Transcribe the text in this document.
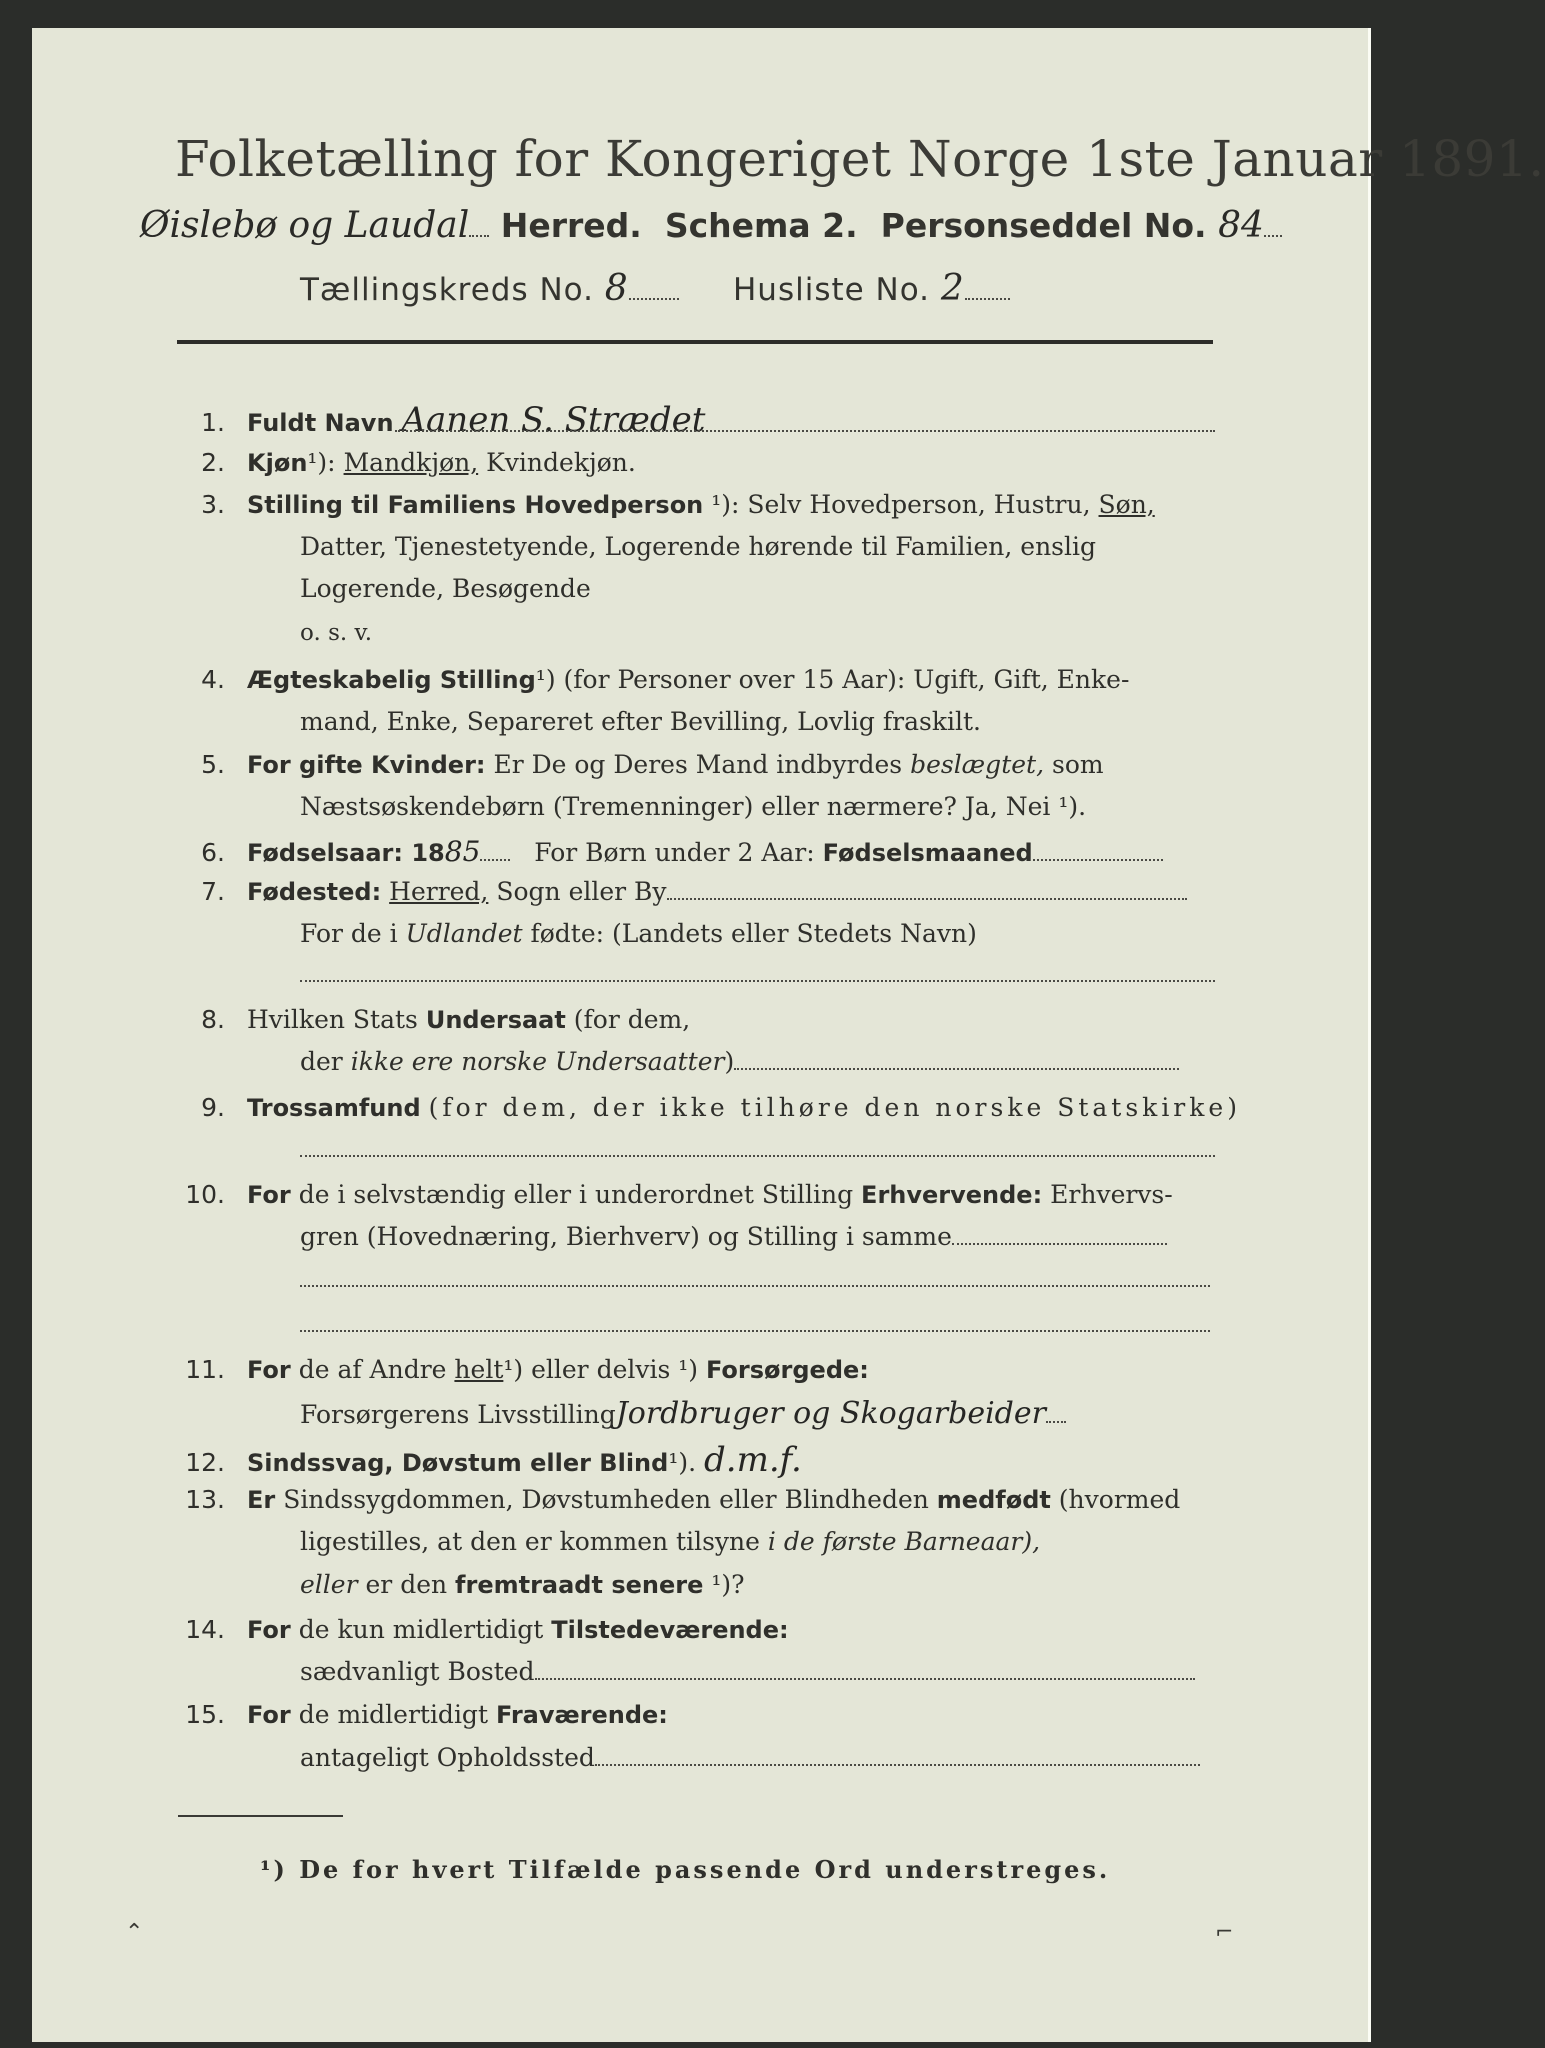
Folketælling for Kongeriget Norge 1ste Januar 1891.
Øislebø og Laudal Herred. Schema 2. Personseddel No. 84
Tællingskreds No. 8	Husliste No. 2
1. Fuldt Navn Aanen S. Strædet
2. Kjøn¹): Mandkjøn, Kvindekjøn.
3. Stilling til Familiens Hovedperson ¹): Selv Hovedperson, Hustru, Søn,
Datter, Tjenestetyende, Logerende hørende til Familien, enslig
Logerende, Besøgende
o. s. v.
4. Ægteskabelig Stilling¹) (for Personer over 15 Aar): Ugift, Gift, Enke-
mand, Enke, Separeret efter Bevilling, Lovlig fraskilt.
5. For gifte Kvinder: Er De og Deres Mand indbyrdes beslægtet, som
Næstsøskendebørn (Tremenninger) eller nærmere? Ja, Nei ¹).
6. Fødselsaar: 1885 For Børn under 2 Aar: Fødselsmaaned
7. Fødested: Herred, Sogn eller By
For de i Udlandet fødte: (Landets eller Stedets Navn)
8. Hvilken Stats Undersaat (for dem,
der ikke ere norske Undersaatter)
9. Trossamfund (for dem, der ikke tilhøre den norske Statskirke)
10. For de i selvstændig eller i underordnet Stilling Erhvervende: Erhvervs-
gren (Hovednæring, Bierhverv) og Stilling i samme
11. For de af Andre helt¹) eller delvis ¹) Forsørgede:
Forsørgerens LivsstillingJordbruger og Skogarbeider
12. Sindssvag, Døvstum eller Blind¹). d.m.f.
13. Er Sindssygdommen, Døvstumheden eller Blindheden medfødt (hvormed
ligestilles, at den er kommen tilsyne i de første Barneaar),
eller er den fremtraadt senere ¹)?
14. For de kun midlertidigt Tilstedeværende:
sædvanligt Bosted
15. For de midlertidigt Fraværende:
antageligt Opholdssted
¹) De for hvert Tilfælde passende Ord understreges.
⌃	⌐
